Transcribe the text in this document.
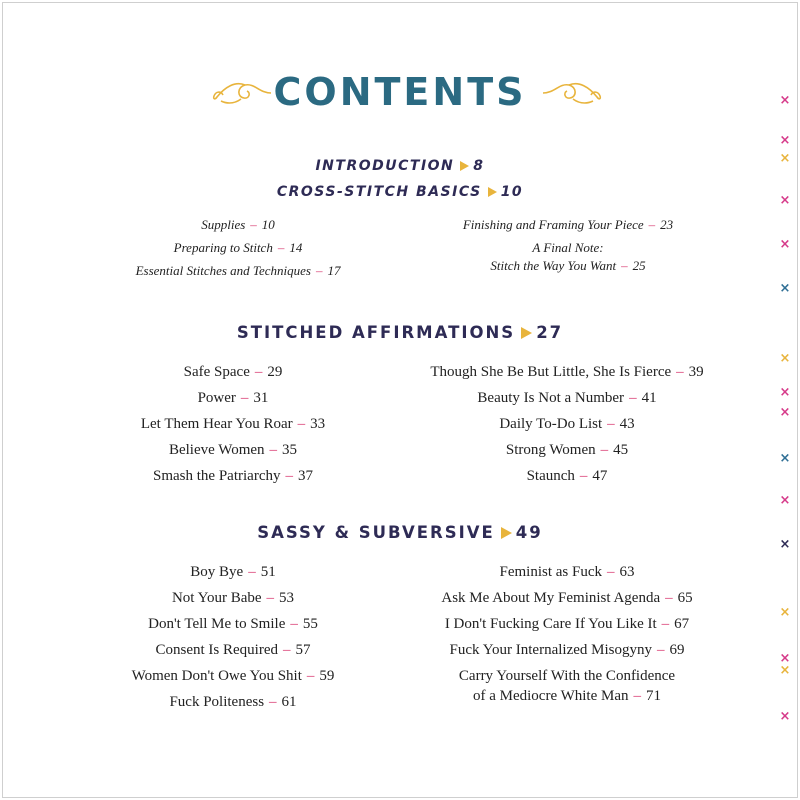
CONTENTS
INTRODUCTION 8
CROSS-STITCH BASICS 10
Supplies – 10
Preparing to Stitch – 14
Essential Stitches and Techniques – 17
Finishing and Framing Your Piece – 23
A Final Note:
Stitch the Way You Want – 25
STITCHED AFFIRMATIONS 27
Safe Space – 29
Power – 31
Let Them Hear You Roar – 33
Believe Women – 35
Smash the Patriarchy – 37
Though She Be But Little, She Is Fierce – 39
Beauty Is Not a Number – 41
Daily To-Do List – 43
Strong Women – 45
Staunch – 47
SASSY & SUBVERSIVE 49
Boy Bye – 51
Not Your Babe – 53
Don't Tell Me to Smile – 55
Consent Is Required – 57
Women Don't Owe You Shit – 59
Fuck Politeness – 61
Feminist as Fuck – 63
Ask Me About My Feminist Agenda – 65
I Don't Fucking Care If You Like It – 67
Fuck Your Internalized Misogyny – 69
Carry Yourself With the Confidence
of a Mediocre White Man – 71
×
×
×
×
×
×
×
×
×
×
×
×
×
×
×
×
